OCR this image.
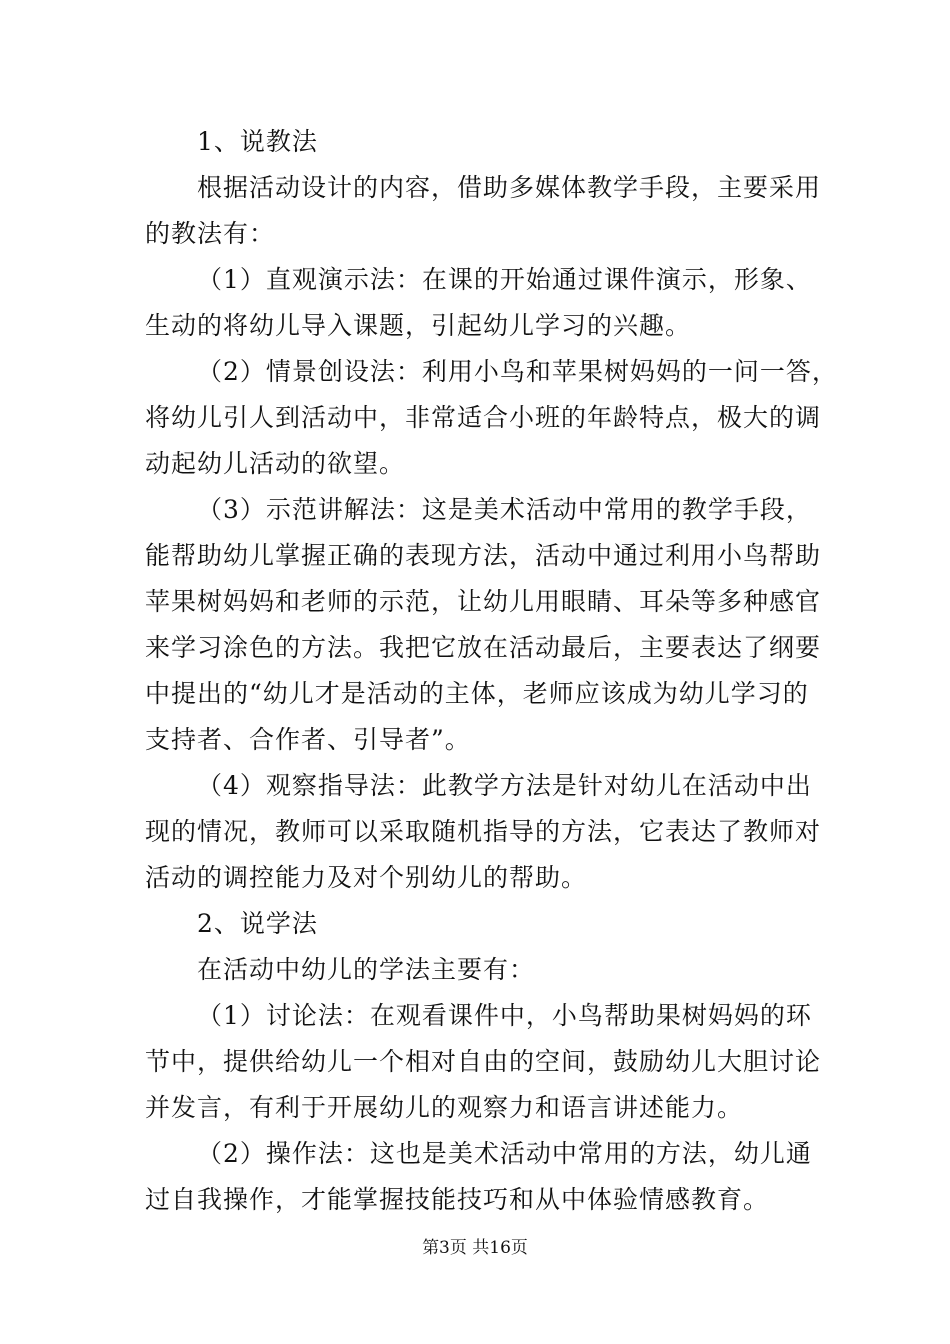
1、说教法
根据活动设计的内容，借助多媒体教学手段，主要采用
的教法有：
（1）直观演示法：在课的开始通过课件演示，形象、
生动的将幼儿导入课题，引起幼儿学习的兴趣。
（2）情景创设法：利用小鸟和苹果树妈妈的一问一答，
将幼儿引人到活动中，非常适合小班的年龄特点，极大的调
动起幼儿活动的欲望。
（3）示范讲解法：这是美术活动中常用的教学手段，
能帮助幼儿掌握正确的表现方法，活动中通过利用小鸟帮助
苹果树妈妈和老师的示范，让幼儿用眼睛、耳朵等多种感官
来学习涂色的方法。我把它放在活动最后，主要表达了纲要
中提出的“幼儿才是活动的主体，老师应该成为幼儿学习的
支持者、合作者、引导者”。
（4）观察指导法：此教学方法是针对幼儿在活动中出
现的情况，教师可以采取随机指导的方法，它表达了教师对
活动的调控能力及对个别幼儿的帮助。
2、说学法
在活动中幼儿的学法主要有：
（1）讨论法：在观看课件中，小鸟帮助果树妈妈的环
节中，提供给幼儿一个相对自由的空间，鼓励幼儿大胆讨论
并发言，有利于开展幼儿的观察力和语言讲述能力。
（2）操作法：这也是美术活动中常用的方法，幼儿通
过自我操作，才能掌握技能技巧和从中体验情感教育。
第3页 共16页
